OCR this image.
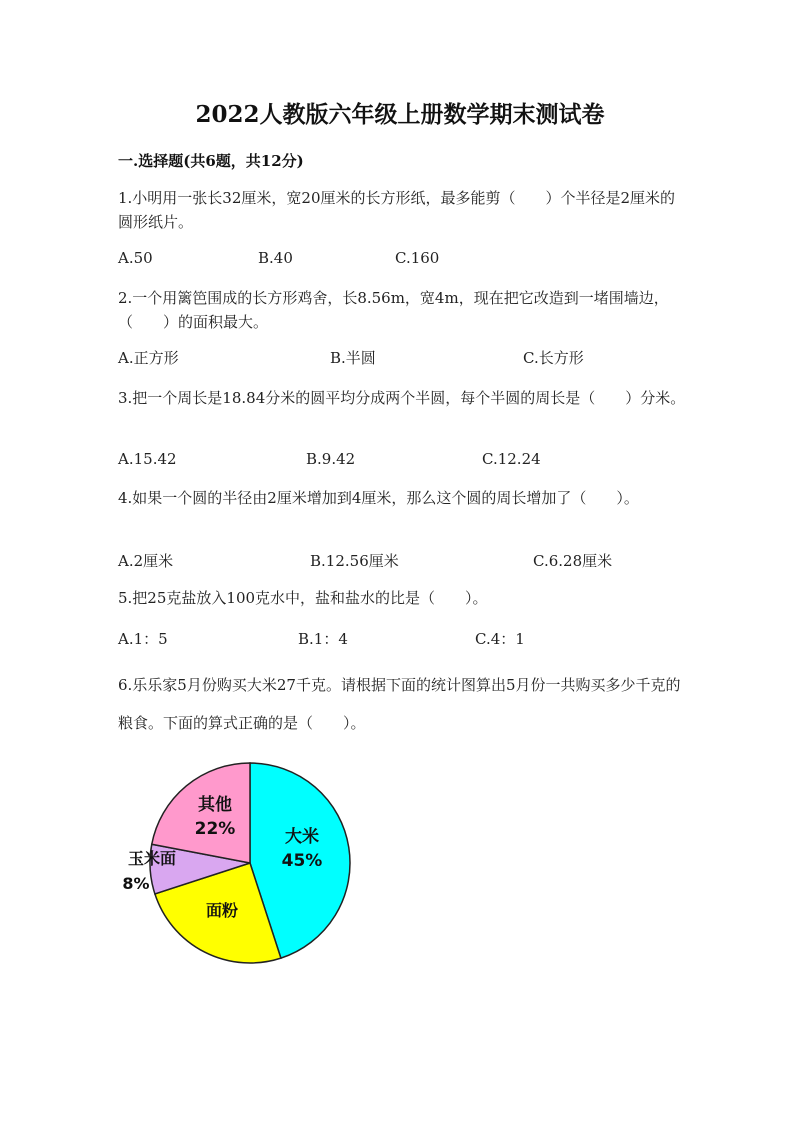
2022人教版六年级上册数学期末测试卷
一.选择题(共6题，共12分)
1.小明用一张长32厘米，宽20厘米的长方形纸，最多能剪（　　）个半径是2厘米的圆形纸片。
A.50	B.40	C.160
2.一个用篱笆围成的长方形鸡舍，长8.56m，宽4m，现在把它改造到一堵围墙边，（　　）的面积最大。
A.正方形	B.半圆	C.长方形
3.把一个周长是18.84分米的圆平均分成两个半圆，每个半圆的周长是（　　）分米。
A.15.42	B.9.42	C.12.24
4.如果一个圆的半径由2厘米增加到4厘米，那么这个圆的周长增加了（　　）。
A.2厘米	B.12.56厘米	C.6.28厘米
5.把25克盐放入100克水中，盐和盐水的比是（　　）。
A.1：5	B.1：4	C.4：1
6.乐乐家5月份购买大米27千克。请根据下面的统计图算出5月份一共购买多少千克的粮食。下面的算式正确的是（　　）。
大米
45%
面粉
玉米面
8%
其他
22%
